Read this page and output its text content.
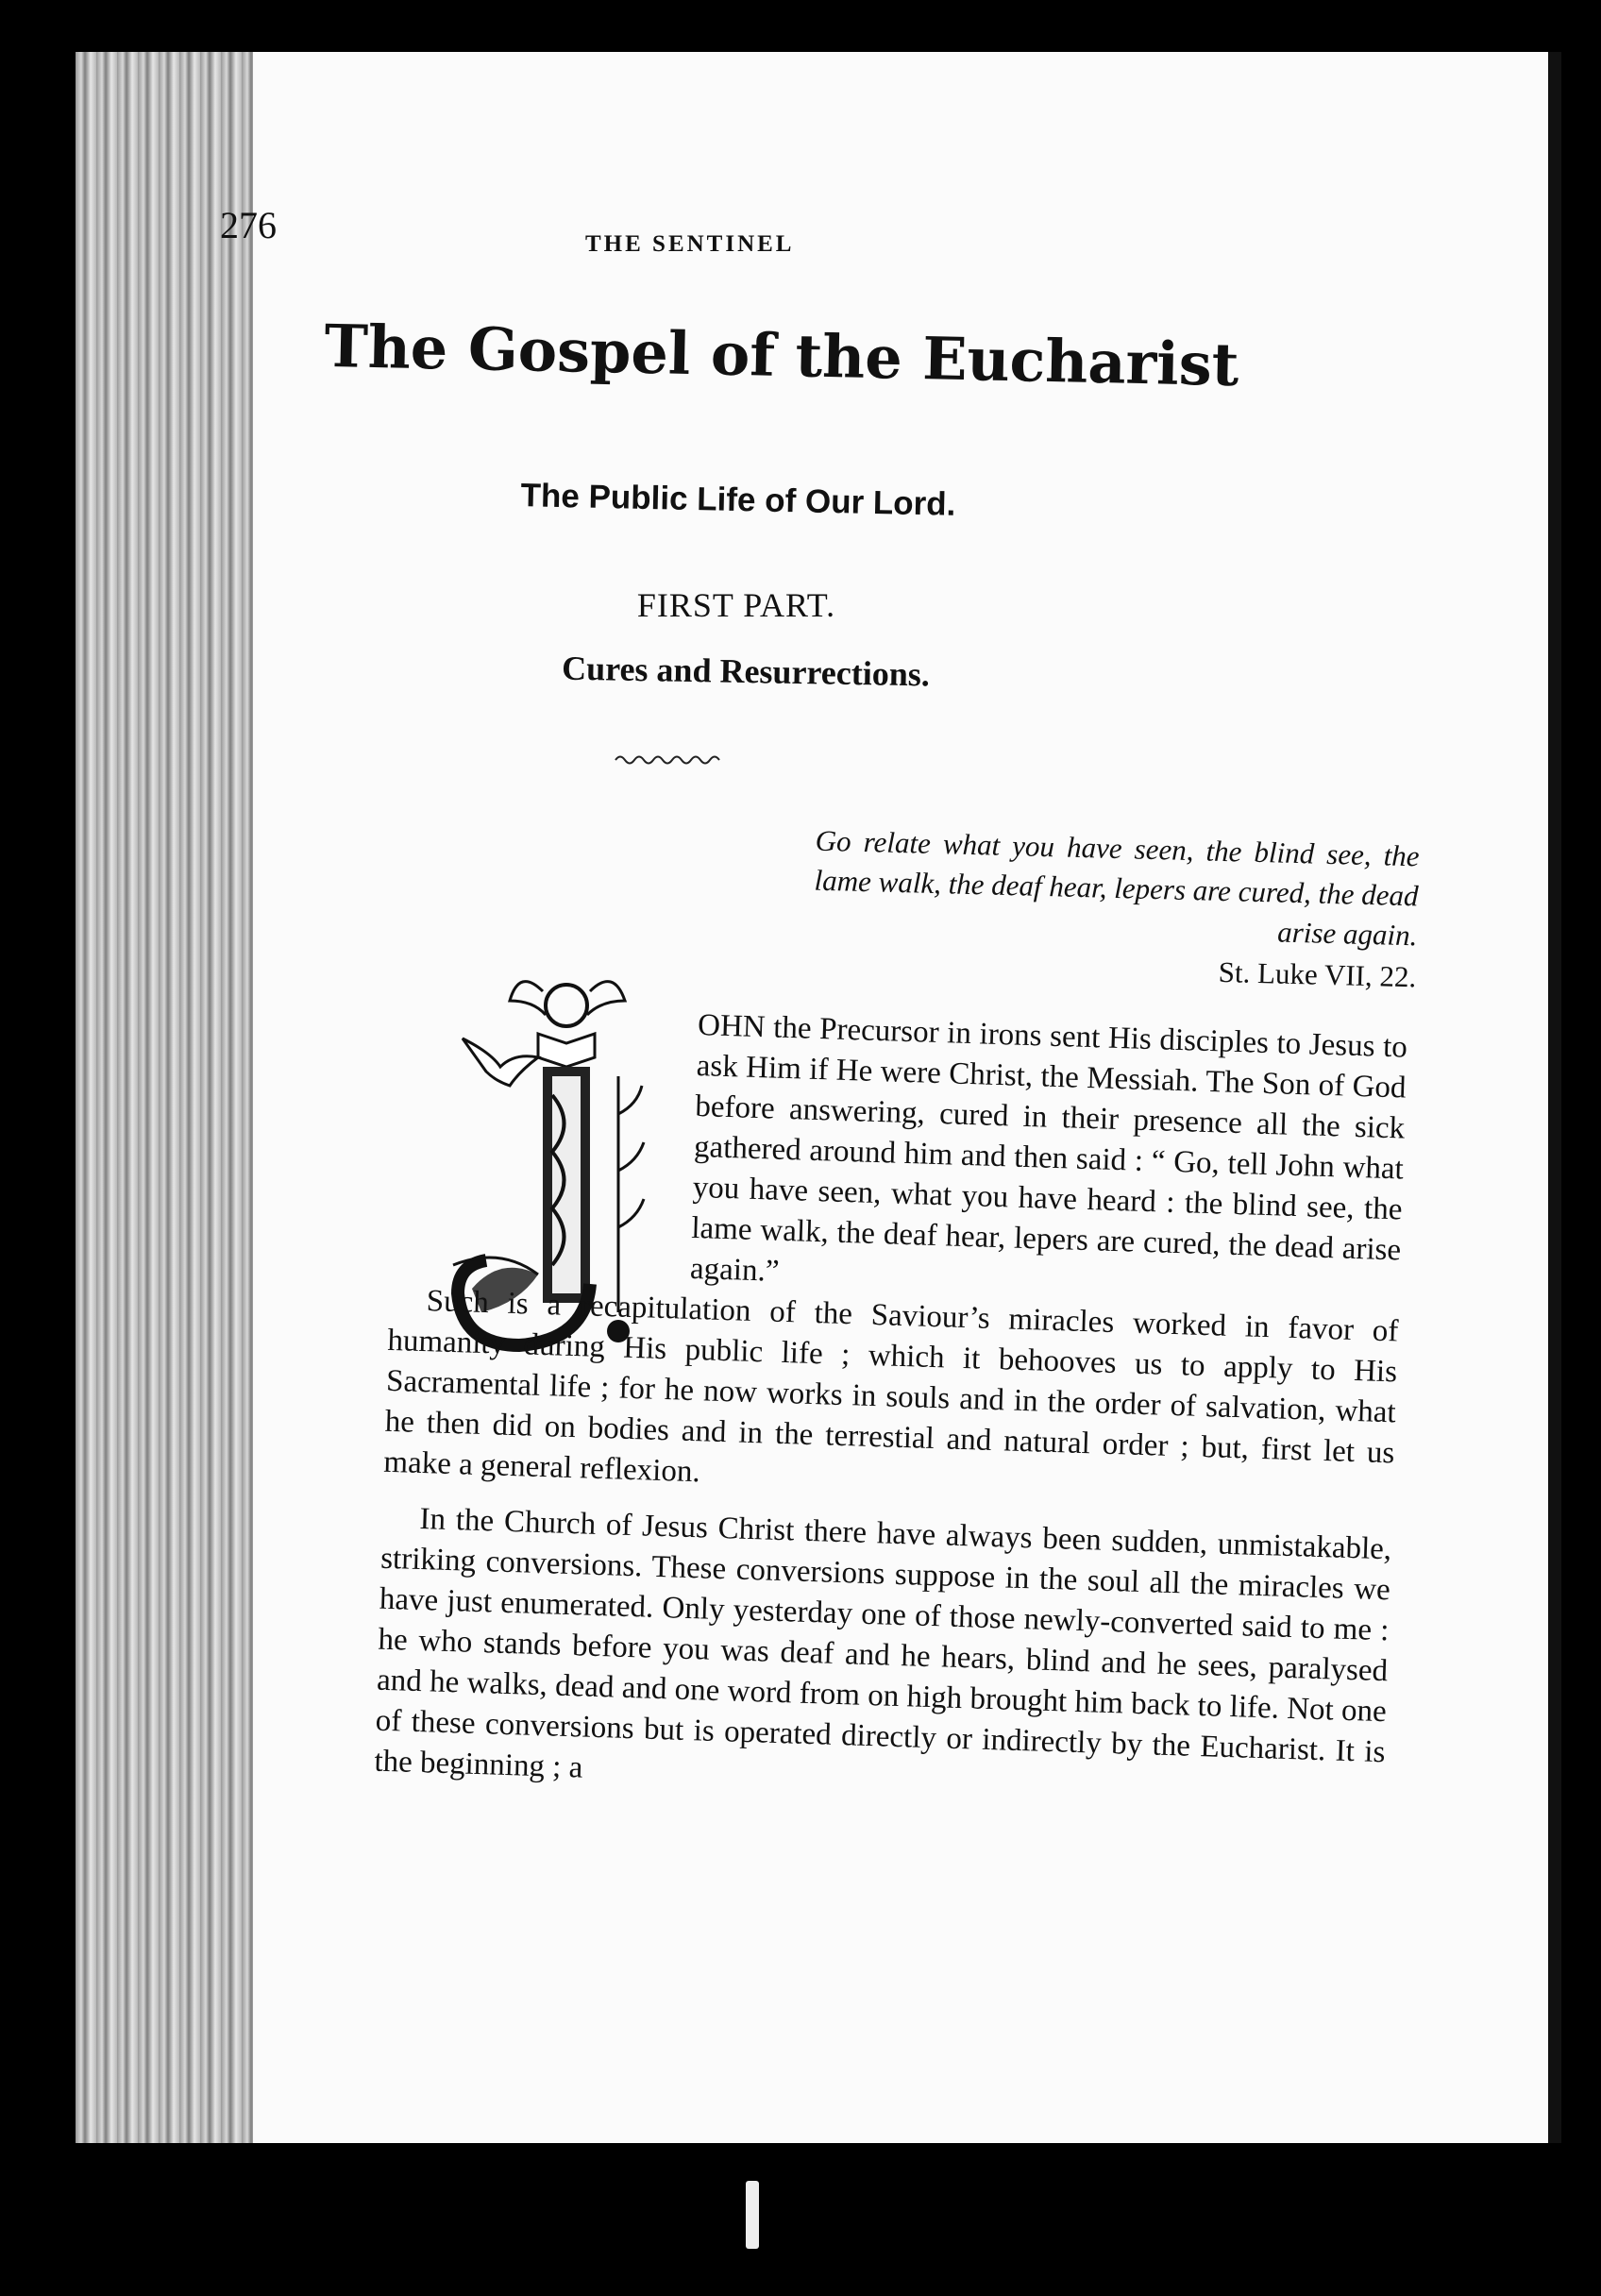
276	THE SENTINEL
The Gospel of the Eucharist
The Public Life of Our Lord.
FIRST PART.
Cures and Resurrections.
Go relate what you have seen, the blind see, the lame walk, the deaf hear, lepers are cured, the dead arise again.
St. Luke VII, 22.

OHN the Precursor in irons sent His disciples to Jesus to ask Him if He were Christ, the Messiah. The Son of God before answering, cured in their presence all the sick gathered around him and then said : “ Go, tell John what you have seen, what you have heard : the blind see, the lame walk, the deaf hear, lepers are cured, the dead arise again.”

Such is a recapitulation of the Saviour’s miracles worked in favor of humanity during His public life ; which it behooves us to apply to His Sacramental life ; for he now works in souls and in the order of salvation, what he then did on bodies and in the terrestial and natural order ; but, first let us make a general reflexion.

In the Church of Jesus Christ there have always been sudden, unmistakable, striking conversions. These conversions suppose in the soul all the miracles we have just enumerated. Only yesterday one of those newly-converted said to me : he who stands before you was deaf and he hears, blind and he sees, paralysed and he walks, dead and one word from on high brought him back to life. Not one of these conversions but is operated directly or indirectly by the Eucharist. It is the beginning ; a
